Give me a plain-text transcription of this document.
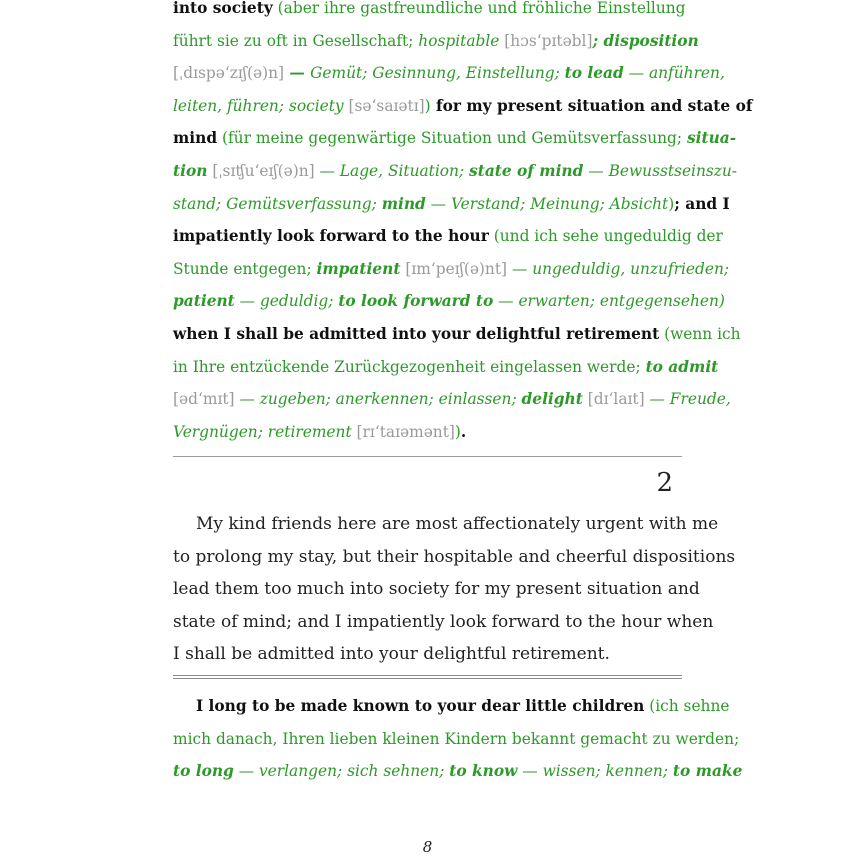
into society (aber ihre gastfreundliche und fröhliche Einstellung
führt sie zu oft in Gesellschaft; hospitable [hɔsʻpɪtəbl]; disposition
[ˌdɪspəʻzɪʃ(ə)n] — Gemüt; Gesinnung, Einstellung; to lead — anführen,
leiten, führen; society [səʻsaɪətɪ]) for my present situation and state of
mind (für meine gegenwärtige Situation und Gemütsverfassung; situa-
tion [ˌsɪʧuʻeɪʃ(ə)n] — Lage, Situation; state of mind — Bewusstseinszu-
stand; Gemütsverfassung; mind — Verstand; Meinung; Absicht); and I
impatiently look forward to the hour (und ich sehe ungeduldig der
Stunde entgegen; impatient [ɪmʻpeɪʃ(ə)nt] — ungeduldig, unzufrieden;
patient — geduldig; to look forward to — erwarten; entgegensehen)
when I shall be admitted into your delightful retirement (wenn ich
in Ihre entzückende Zurückgezogenheit eingelassen werde; to admit
[ədʻmɪt] — zugeben; anerkennen; einlassen; delight [dɪʻlaɪt] — Freude,
Vergnügen; retirement [rɪʻtaɪəmənt]).
2
My kind friends here are most affectionately urgent with me
to prolong my stay, but their hospitable and cheerful dispositions
lead them too much into society for my present situation and
state of mind; and I impatiently look forward to the hour when
I shall be admitted into your delightful retirement.
I long to be made known to your dear little children (ich sehne
mich danach, Ihren lieben kleinen Kindern bekannt gemacht zu werden;
to long — verlangen; sich sehnen; to know — wissen; kennen; to make
8
